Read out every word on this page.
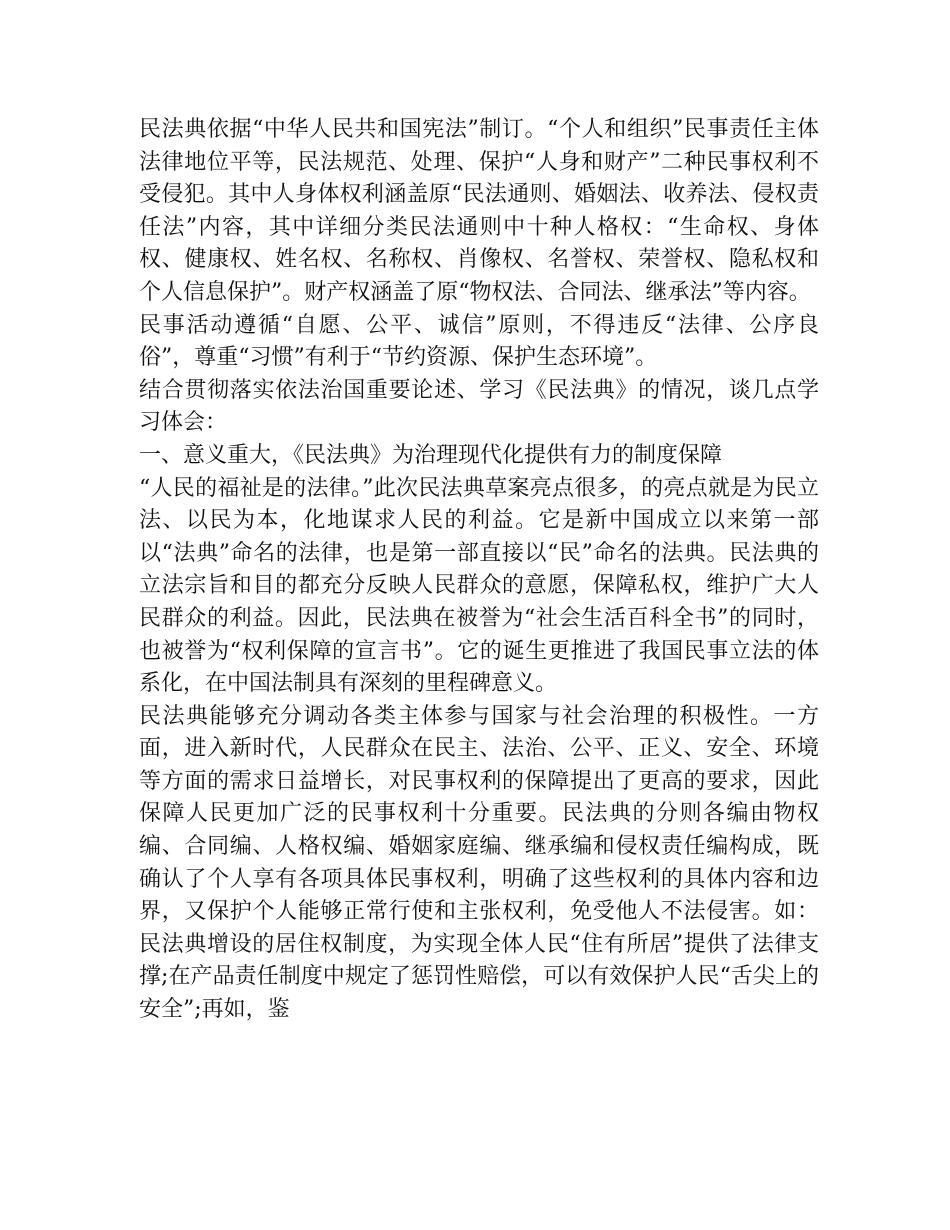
民法典依据“中华人民共和国宪法”制订。“个人和组织”民事责任主体法律地位平等，民法规范、处理、保护“人身和财产”二种民事权利不受侵犯。其中人身体权利涵盖原“民法通则、婚姻法、收养法、侵权责任法”内容，其中详细分类民法通则中十种人格权：“生命权、身体权、健康权、姓名权、名称权、肖像权、名誉权、荣誉权、隐私权和个人信息保护”。财产权涵盖了原“物权法、合同法、继承法”等内容。

民事活动遵循“自愿、公平、诚信”原则，不得违反“法律、公序良俗”，尊重“习惯”有利于“节约资源、保护生态环境”。

结合贯彻落实依法治国重要论述、学习《民法典》的情况，谈几点学习体会：

一、意义重大，《民法典》为治理现代化提供有力的制度保障

“人民的福祉是的法律。”此次民法典草案亮点很多，的亮点就是为民立法、以民为本，化地谋求人民的利益。它是新中国成立以来第一部以“法典”命名的法律，也是第一部直接以“民”命名的法典。民法典的立法宗旨和目的都充分反映人民群众的意愿，保障私权，维护广大人民群众的利益。因此，民法典在被誉为“社会生活百科全书”的同时，也被誉为“权利保障的宣言书”。它的诞生更推进了我国民事立法的体系化，在中国法制具有深刻的里程碑意义。

民法典能够充分调动各类主体参与国家与社会治理的积极性。一方面，进入新时代，人民群众在民主、法治、公平、正义、安全、环境等方面的需求日益增长，对民事权利的保障提出了更高的要求，因此保障人民更加广泛的民事权利十分重要。民法典的分则各编由物权编、合同编、人格权编、婚姻家庭编、继承编和侵权责任编构成，既确认了个人享有各项具体民事权利，明确了这些权利的具体内容和边界，又保护个人能够正常行使和主张权利，免受他人不法侵害。如：民法典增设的居住权制度，为实现全体人民“住有所居”提供了法律支撑;在产品责任制度中规定了惩罚性赔偿，可以有效保护人民“舌尖上的安全”;再如，鉴
